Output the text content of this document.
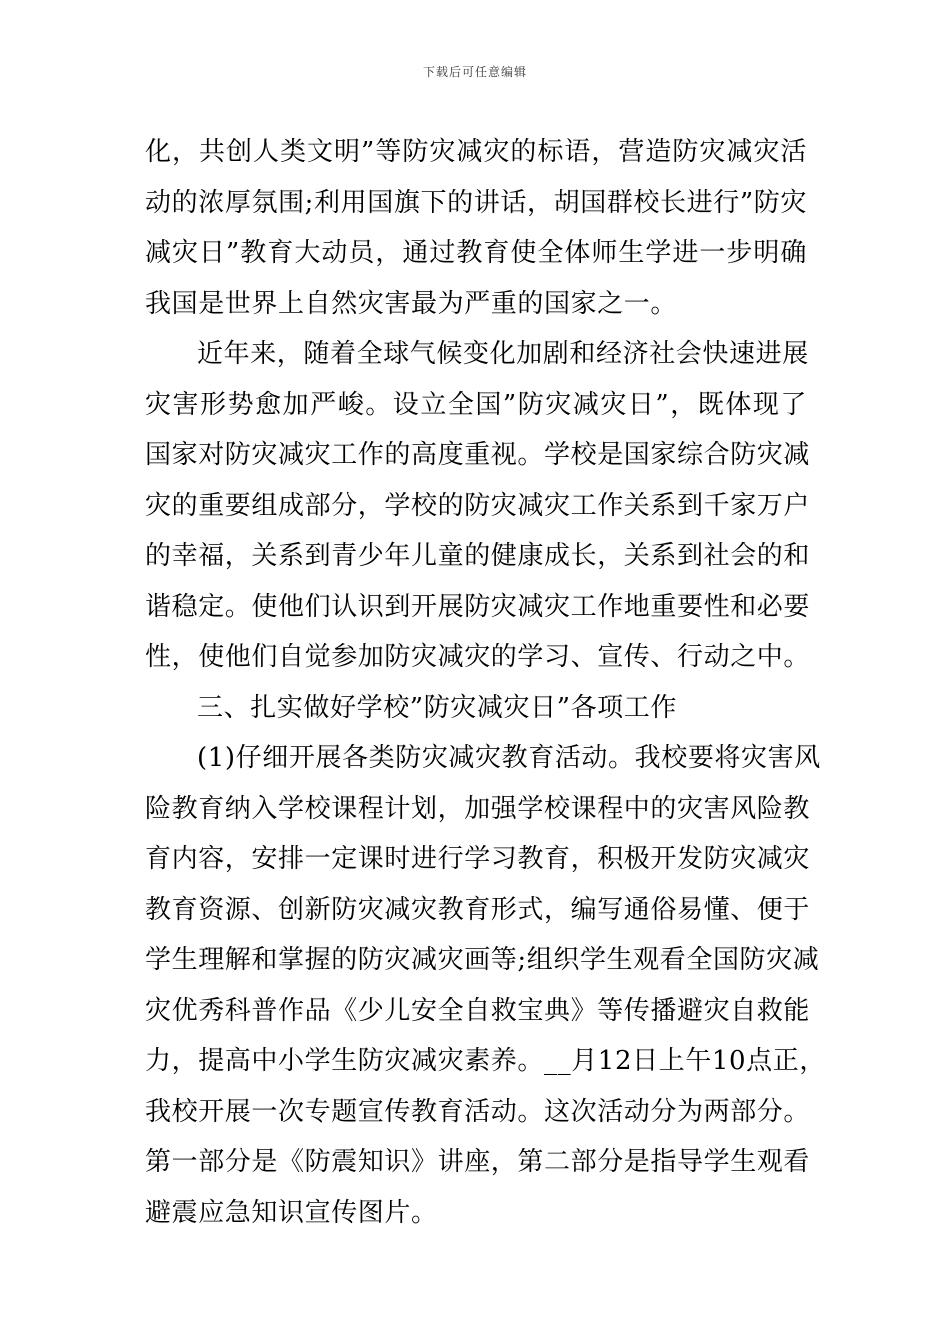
下载后可任意编辑
化，共创人类文明”等防灾减灾的标语，营造防灾减灾活
动的浓厚氛围;利用国旗下的讲话，胡国群校长进行”防灾
减灾日”教育大动员，通过教育使全体师生学进一步明确
我国是世界上自然灾害最为严重的国家之一。
近年来，随着全球气候变化加剧和经济社会快速进展
灾害形势愈加严峻。设立全国”防灾减灾日”，既体现了
国家对防灾减灾工作的高度重视。学校是国家综合防灾减
灾的重要组成部分，学校的防灾减灾工作关系到千家万户
的幸福，关系到青少年儿童的健康成长，关系到社会的和
谐稳定。使他们认识到开展防灾减灾工作地重要性和必要
性，使他们自觉参加防灾减灾的学习、宣传、行动之中。
三、扎实做好学校”防灾减灾日”各项工作
(1)仔细开展各类防灾减灾教育活动。我校要将灾害风
险教育纳入学校课程计划，加强学校课程中的灾害风险教
育内容，安排一定课时进行学习教育，积极开发防灾减灾
教育资源、创新防灾减灾教育形式，编写通俗易懂、便于
学生理解和掌握的防灾减灾画等;组织学生观看全国防灾减
灾优秀科普作品《少儿安全自救宝典》等传播避灾自救能
力，提高中小学生防灾减灾素养。__月12日上午10点正，
我校开展一次专题宣传教育活动。这次活动分为两部分。
第一部分是《防震知识》讲座，第二部分是指导学生观看
避震应急知识宣传图片。
